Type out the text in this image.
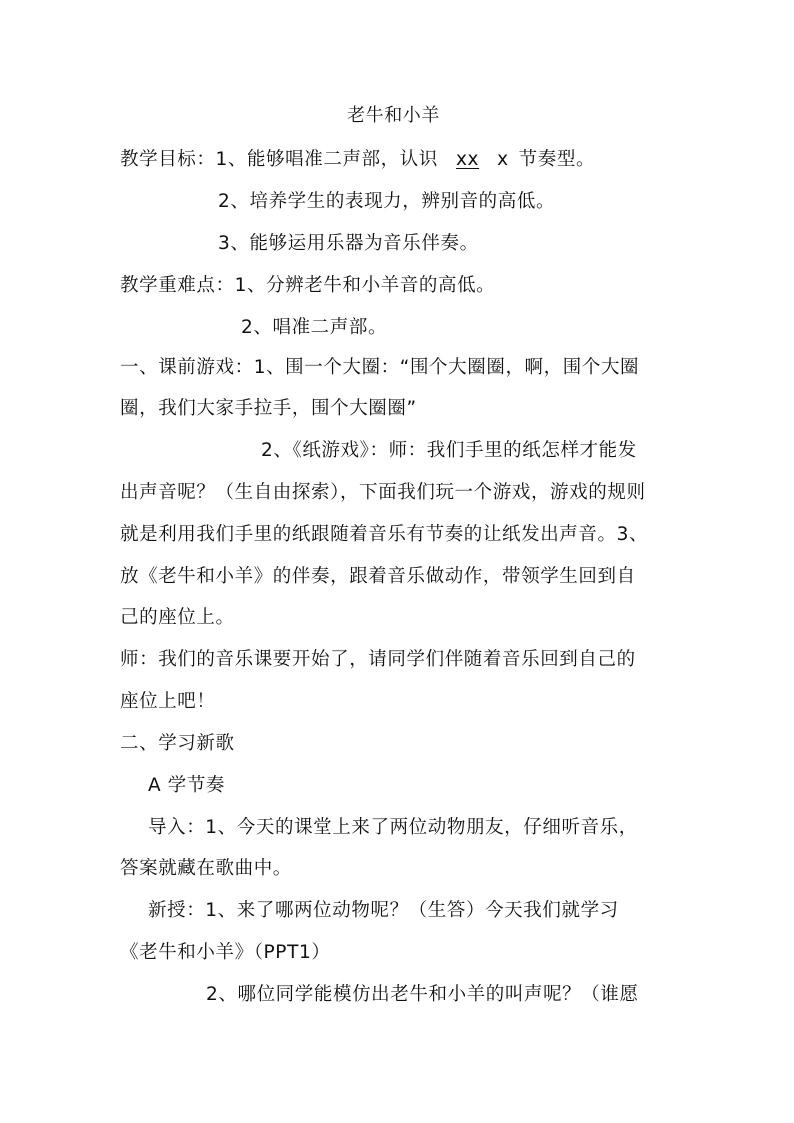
老牛和小羊
教学目标：1、能够唱准二声部，认识 xx x 节奏型。
2、培养学生的表现力，辨别音的高低。
3、能够运用乐器为音乐伴奏。
教学重难点：1、分辨老牛和小羊音的高低。
2、唱准二声部。
一、课前游戏：1、围一个大圈：“围个大圈圈，啊，围个大圈
圈，我们大家手拉手，围个大圈圈”
2、《纸游戏》：师：我们手里的纸怎样才能发
出声音呢？（生自由探索），下面我们玩一个游戏，游戏的规则
就是利用我们手里的纸跟随着音乐有节奏的让纸发出声音。3、
放《老牛和小羊》的伴奏，跟着音乐做动作，带领学生回到自
己的座位上。
师：我们的音乐课要开始了，请同学们伴随着音乐回到自己的
座位上吧！
二、学习新歌
A 学节奏
导入：1、今天的课堂上来了两位动物朋友，仔细听音乐，
答案就藏在歌曲中。
新授：1、来了哪两位动物呢？（生答）今天我们就学习
《老牛和小羊》（PPT1）
2、哪位同学能模仿出老牛和小羊的叫声呢？（谁愿
